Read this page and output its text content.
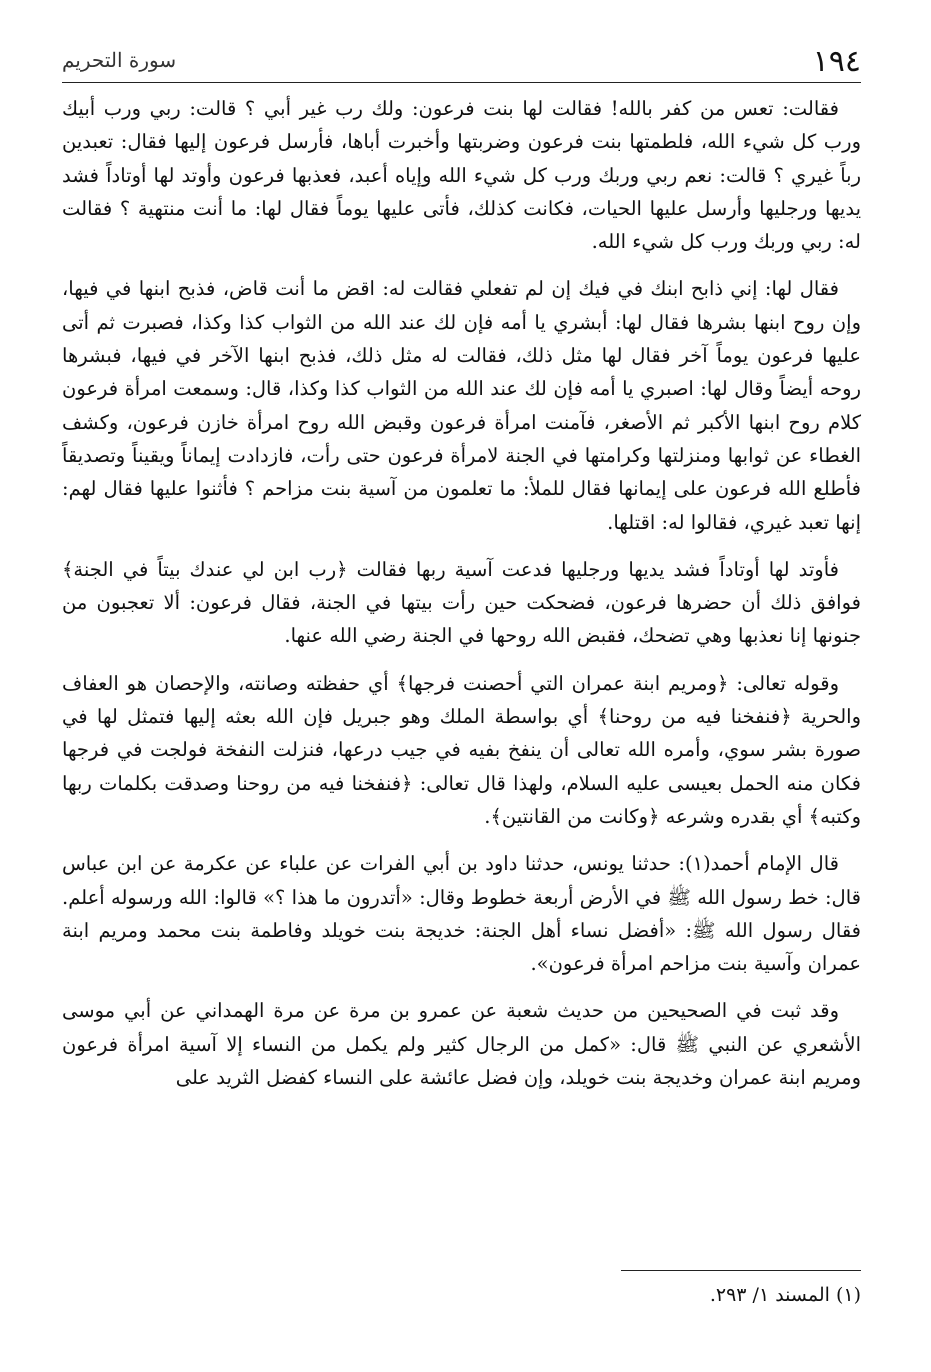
١٩٤
سورة التحريم

فقالت: تعس من كفر بالله! فقالت لها بنت فرعون: ولك رب غير أبي ؟ قالت: ربي ورب أبيك ورب كل شيء الله، فلطمتها بنت فرعون وضربتها وأخبرت أباها، فأرسل فرعون إليها فقال: تعبدين رباً غيري ؟ قالت: نعم ربي وربك ورب كل شيء الله وإياه أعبد، فعذبها فرعون وأوتد لها أوتاداً فشد يديها ورجليها وأرسل عليها الحيات، فكانت كذلك، فأتى عليها يوماً فقال لها: ما أنت منتهية ؟ فقالت له: ربي وربك ورب كل شيء الله.

فقال لها: إني ذابح ابنك في فيك إن لم تفعلي فقالت له: اقض ما أنت قاض، فذبح ابنها في فيها، وإن روح ابنها بشرها فقال لها: أبشري يا أمه فإن لك عند الله من الثواب كذا وكذا، فصبرت ثم أتى عليها فرعون يوماً آخر فقال لها مثل ذلك، فقالت له مثل ذلك، فذبح ابنها الآخر في فيها، فبشرها روحه أيضاً وقال لها: اصبري يا أمه فإن لك عند الله من الثواب كذا وكذا، قال: وسمعت امرأة فرعون كلام روح ابنها الأكبر ثم الأصغر، فآمنت امرأة فرعون وقبض الله روح امرأة خازن فرعون، وكشف الغطاء عن ثوابها ومنزلتها وكرامتها في الجنة لامرأة فرعون حتى رأت، فازدادت إيماناً ويقيناً وتصديقاً فأطلع الله فرعون على إيمانها فقال للملأ: ما تعلمون من آسية بنت مزاحم ؟ فأثنوا عليها فقال لهم: إنها تعبد غيري، فقالوا له: اقتلها.

فأوتد لها أوتاداً فشد يديها ورجليها فدعت آسية ربها فقالت ﴿رب ابن لي عندك بيتاً في الجنة﴾ فوافق ذلك أن حضرها فرعون، فضحكت حين رأت بيتها في الجنة، فقال فرعون: ألا تعجبون من جنونها إنا نعذبها وهي تضحك، فقبض الله روحها في الجنة رضي الله عنها.

وقوله تعالى: ﴿ومريم ابنة عمران التي أحصنت فرجها﴾ أي حفظته وصانته، والإحصان هو العفاف والحرية ﴿فنفخنا فيه من روحنا﴾ أي بواسطة الملك وهو جبريل فإن الله بعثه إليها فتمثل لها في صورة بشر سوي، وأمره الله تعالى أن ينفخ بفيه في جيب درعها، فنزلت النفخة فولجت في فرجها فكان منه الحمل بعيسى عليه السلام، ولهذا قال تعالى: ﴿فنفخنا فيه من روحنا وصدقت بكلمات ربها وكتبه﴾ أي بقدره وشرعه ﴿وكانت من القانتين﴾.

قال الإمام أحمد(١): حدثنا يونس، حدثنا داود بن أبي الفرات عن علباء عن عكرمة عن ابن عباس قال: خط رسول الله ﷺ في الأرض أربعة خطوط وقال: «أتدرون ما هذا ؟» قالوا: الله ورسوله أعلم. فقال رسول الله ﷺ: «أفضل نساء أهل الجنة: خديجة بنت خويلد وفاطمة بنت محمد ومريم ابنة عمران وآسية بنت مزاحم امرأة فرعون».

وقد ثبت في الصحيحين من حديث شعبة عن عمرو بن مرة عن مرة الهمداني عن أبي موسى الأشعري عن النبي ﷺ قال: «كمل من الرجال كثير ولم يكمل من النساء إلا آسية امرأة فرعون ومريم ابنة عمران وخديجة بنت خويلد، وإن فضل عائشة على النساء كفضل الثريد على

(١) المسند ١/ ٢٩٣.
